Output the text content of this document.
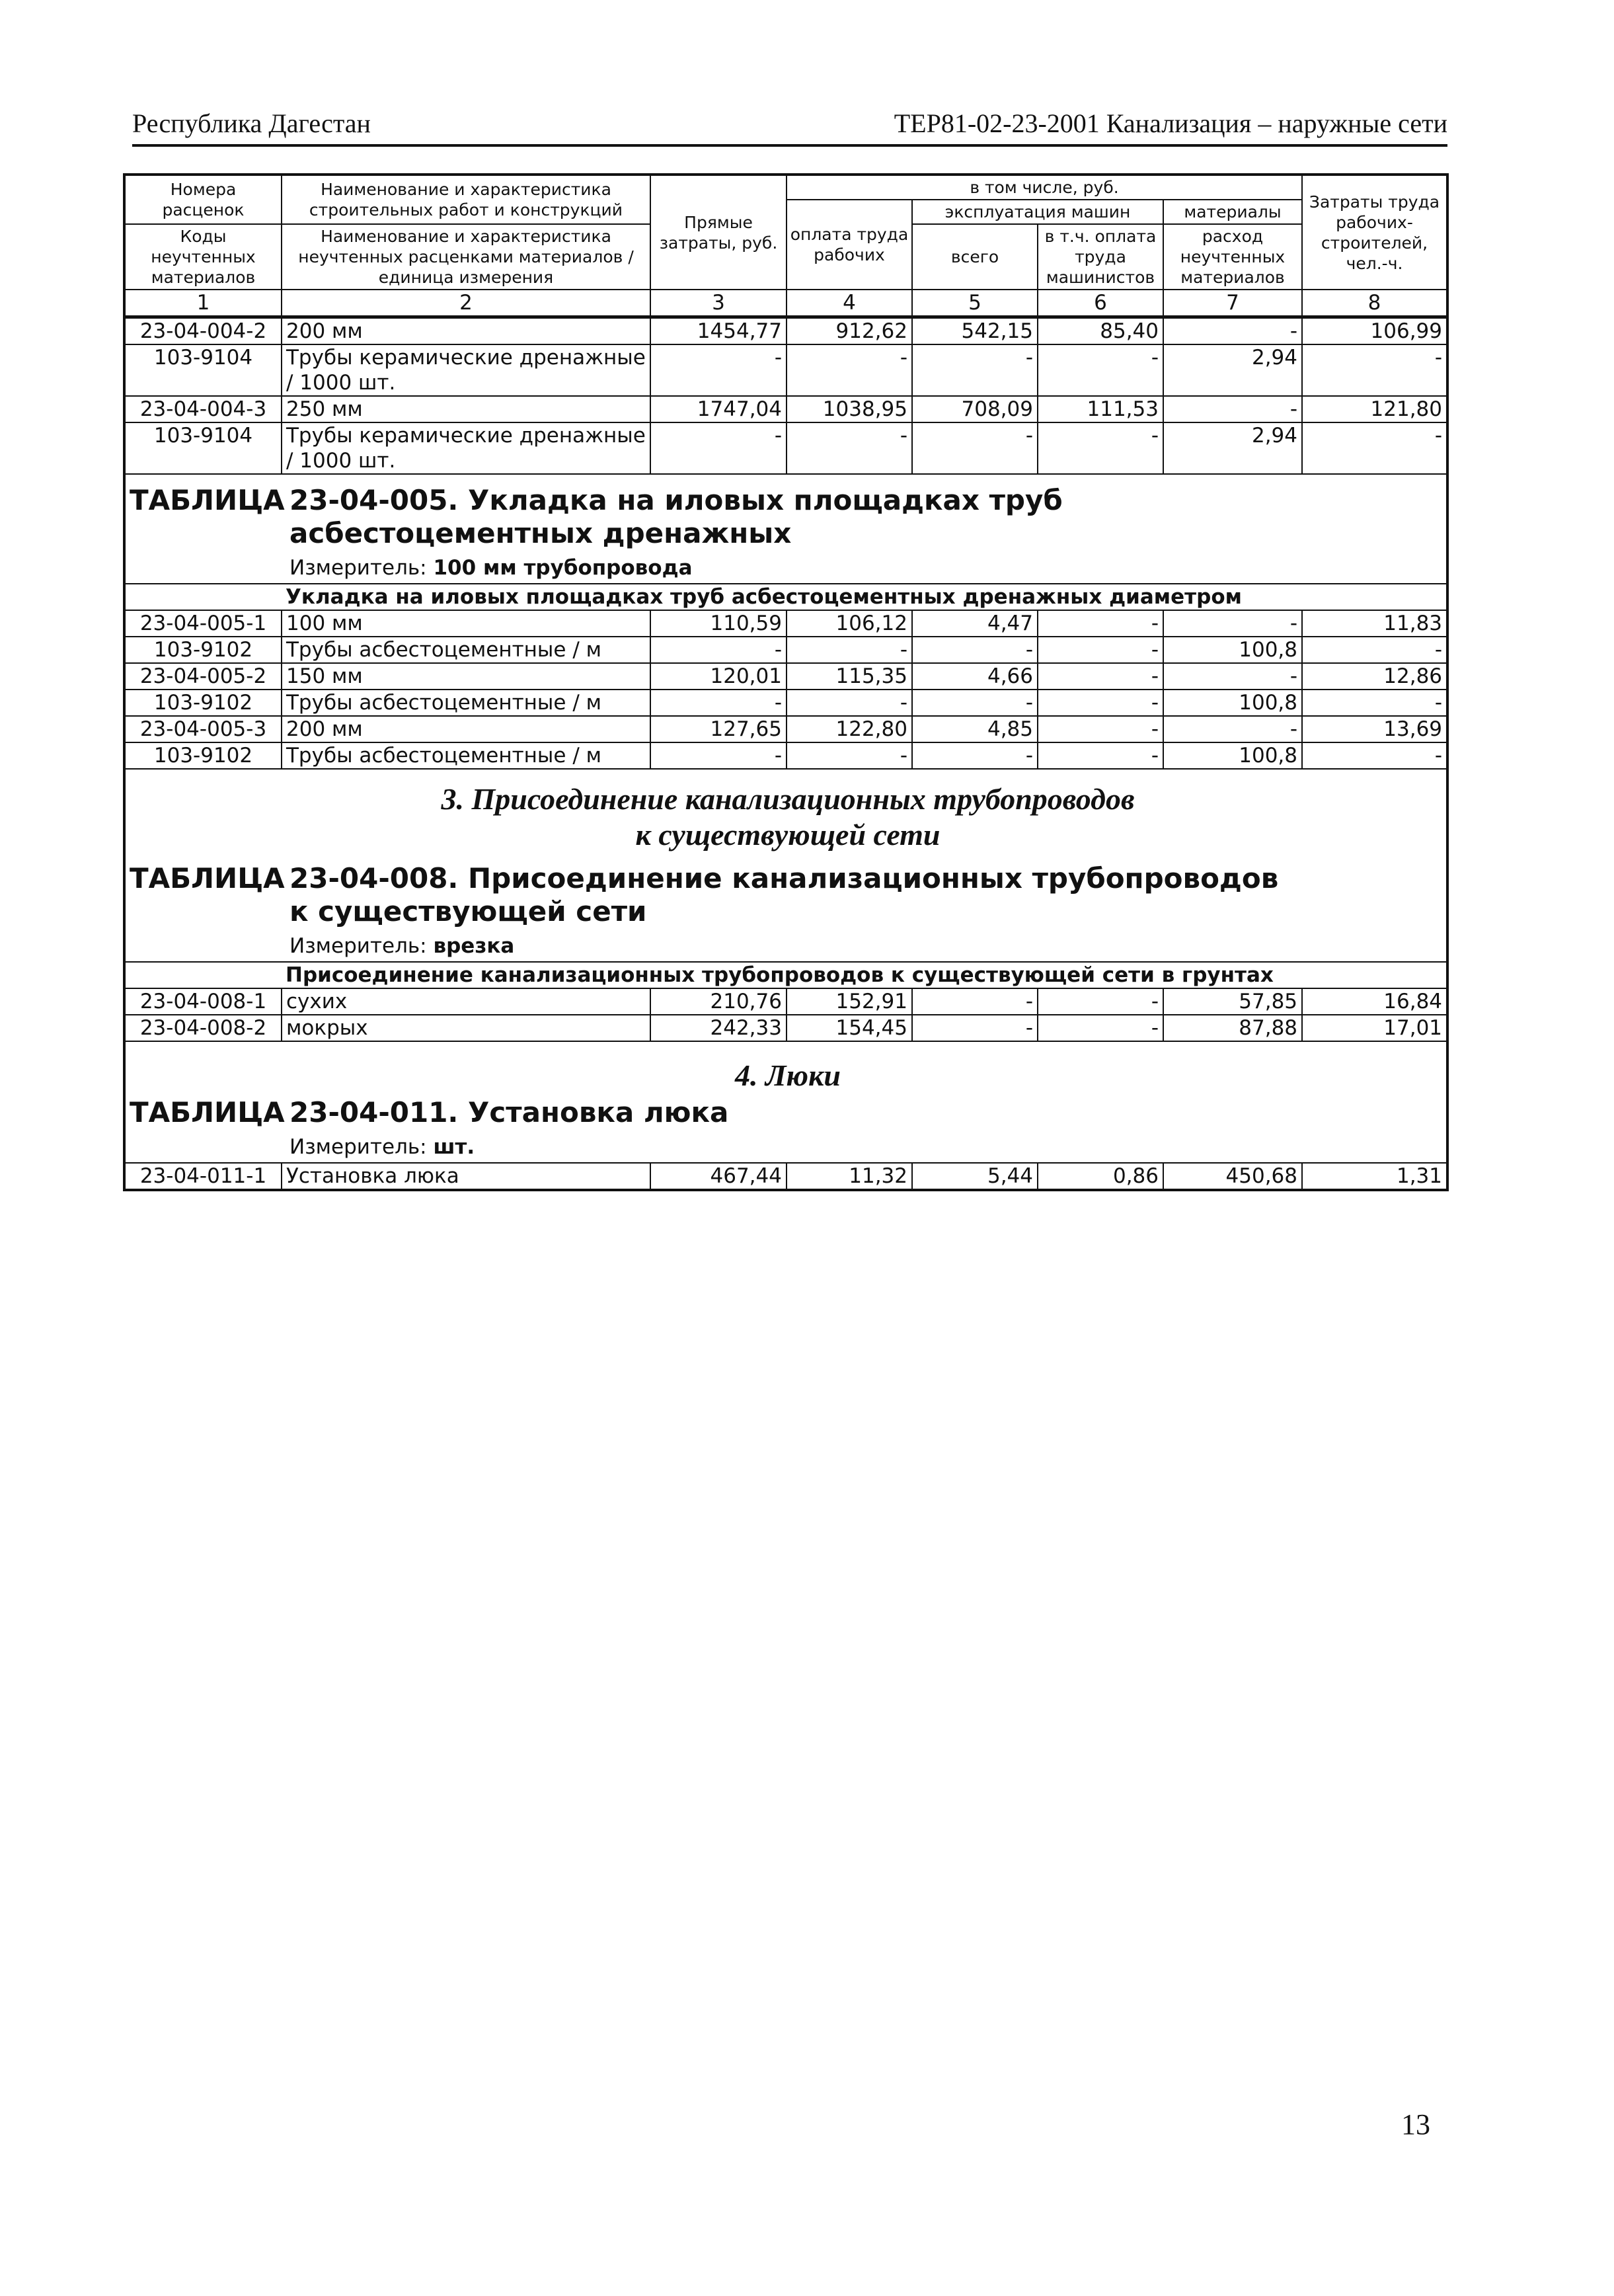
Республика Дагестан	ТЕР81-02-23-2001 Канализация – наружные сети
Номера расценок	Наименование и характеристика строительных работ и конструкций	Прямые затраты, руб.	в том числе, руб.				Затраты труда рабочих-строителей, чел.-ч.
			оплата труда рабочих	эксплуатация машин		материалы	
Коды неучтенных материалов	Наименование и характеристика неучтенных расценками материалов / единица измерения			всего	в т.ч. оплата труда машинистов	расход неучтенных материалов	

1	2	3	4	5	6	7	8
23-04-004-2	200 мм	1454,77	912,62	542,15	85,40	-	106,99
103-9104	Трубы керамические дренажные / 1000 шт.	-	-	-	-	2,94	-
23-04-004-3	250 мм	1747,04	1038,95	708,09	111,53	-	121,80
103-9104	Трубы керамические дренажные / 1000 шт.	-	-	-	-	2,94	-

ТАБЛИЦА 23-04-005. Укладка на иловых площадках труб асбестоцементных дренажных
Измеритель: 100 мм трубопровода							

	Укладка на иловых площадках труб асбестоцементных дренажных диаметром						
23-04-005-1	100 мм	110,59	106,12	4,47	-	-	11,83
103-9102	Трубы асбестоцементные / м	-	-	-	-	100,8	-
23-04-005-2	150 мм	120,01	115,35	4,66	-	-	12,86
103-9102	Трубы асбестоцементные / м	-	-	-	-	100,8	-
23-04-005-3	200 мм	127,65	122,80	4,85	-	-	13,69
103-9102	Трубы асбестоцементные / м	-	-	-	-	100,8	-

3. Присоединение канализационных трубопроводов
к существующей сети
ТАБЛИЦА 23-04-008. Присоединение канализационных трубопроводов
к существующей сети
Измеритель: врезка							

	Присоединение канализационных трубопроводов к существующей сети в грунтах						
23-04-008-1	сухих	210,76	152,91	-	-	57,85	16,84
23-04-008-2	мокрых	242,33	154,45	-	-	87,88	17,01

4. Люки
ТАБЛИЦА 23-04-011. Установка люка
Измеритель: шт.							

23-04-011-1	Установка люка	467,44	11,32	5,44	0,86	450,68	1,31
13
